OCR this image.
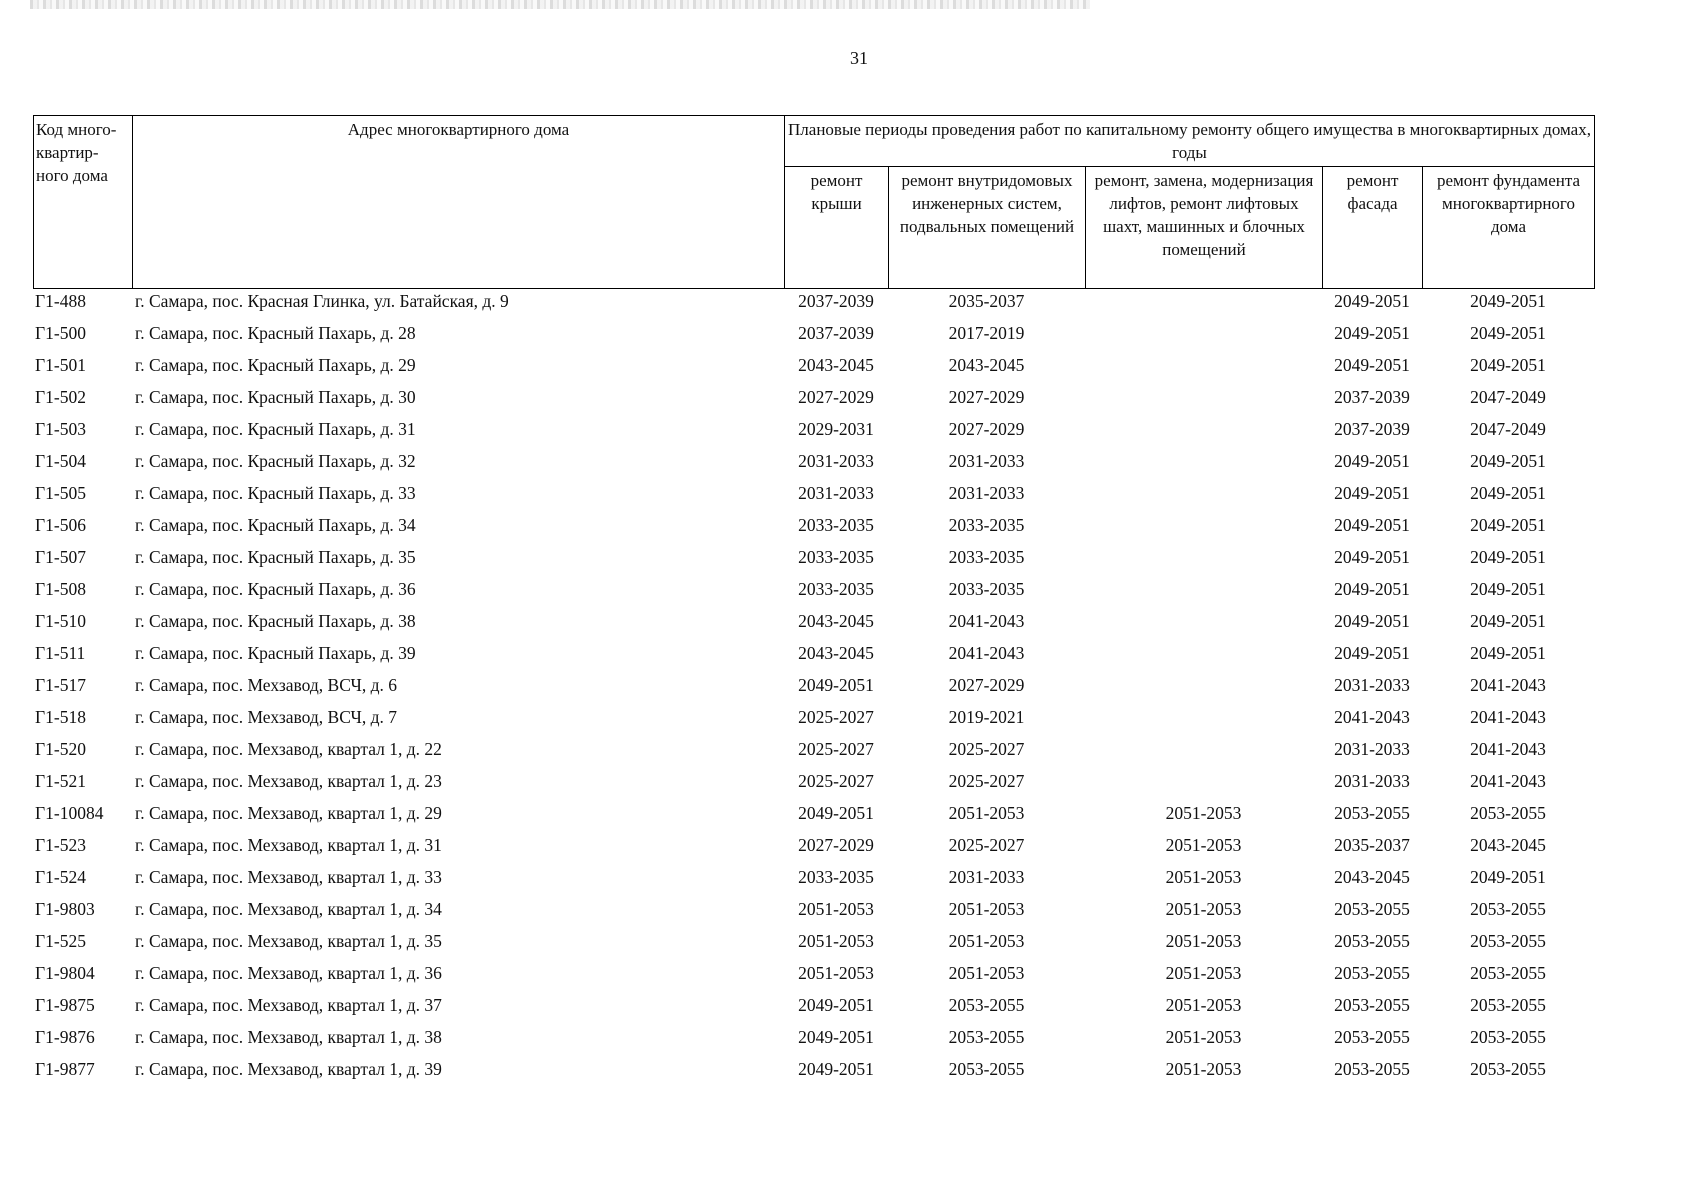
31
Код много-квартир-ного дома	Адрес многоквартирного дома	Плановые периоды проведения работ по капитальному ремонту общего имущества в многоквартирных домах, годы				
		ремонт крыши	ремонт внутридомовых инженерных систем, подвальных помещений	ремонт, замена, модернизация лифтов, ремонт лифтовых шахт, машинных и блочных помещений	ремонт фасада	ремонт фундамента многоквартирного дома
Г1-488	г. Самара, пос. Красная Глинка, ул. Батайская, д. 9	2037-2039	2035-2037		2049-2051	2049-2051
Г1-500	г. Самара, пос. Красный Пахарь, д. 28	2037-2039	2017-2019		2049-2051	2049-2051
Г1-501	г. Самара, пос. Красный Пахарь, д. 29	2043-2045	2043-2045		2049-2051	2049-2051
Г1-502	г. Самара, пос. Красный Пахарь, д. 30	2027-2029	2027-2029		2037-2039	2047-2049
Г1-503	г. Самара, пос. Красный Пахарь, д. 31	2029-2031	2027-2029		2037-2039	2047-2049
Г1-504	г. Самара, пос. Красный Пахарь, д. 32	2031-2033	2031-2033		2049-2051	2049-2051
Г1-505	г. Самара, пос. Красный Пахарь, д. 33	2031-2033	2031-2033		2049-2051	2049-2051
Г1-506	г. Самара, пос. Красный Пахарь, д. 34	2033-2035	2033-2035		2049-2051	2049-2051
Г1-507	г. Самара, пос. Красный Пахарь, д. 35	2033-2035	2033-2035		2049-2051	2049-2051
Г1-508	г. Самара, пос. Красный Пахарь, д. 36	2033-2035	2033-2035		2049-2051	2049-2051
Г1-510	г. Самара, пос. Красный Пахарь, д. 38	2043-2045	2041-2043		2049-2051	2049-2051
Г1-511	г. Самара, пос. Красный Пахарь, д. 39	2043-2045	2041-2043		2049-2051	2049-2051
Г1-517	г. Самара, пос. Мехзавод, ВСЧ, д. 6	2049-2051	2027-2029		2031-2033	2041-2043
Г1-518	г. Самара, пос. Мехзавод, ВСЧ, д. 7	2025-2027	2019-2021		2041-2043	2041-2043
Г1-520	г. Самара, пос. Мехзавод, квартал 1, д. 22	2025-2027	2025-2027		2031-2033	2041-2043
Г1-521	г. Самара, пос. Мехзавод, квартал 1, д. 23	2025-2027	2025-2027		2031-2033	2041-2043
Г1-10084	г. Самара, пос. Мехзавод, квартал 1, д. 29	2049-2051	2051-2053	2051-2053	2053-2055	2053-2055
Г1-523	г. Самара, пос. Мехзавод, квартал 1, д. 31	2027-2029	2025-2027	2051-2053	2035-2037	2043-2045
Г1-524	г. Самара, пос. Мехзавод, квартал 1, д. 33	2033-2035	2031-2033	2051-2053	2043-2045	2049-2051
Г1-9803	г. Самара, пос. Мехзавод, квартал 1, д. 34	2051-2053	2051-2053	2051-2053	2053-2055	2053-2055
Г1-525	г. Самара, пос. Мехзавод, квартал 1, д. 35	2051-2053	2051-2053	2051-2053	2053-2055	2053-2055
Г1-9804	г. Самара, пос. Мехзавод, квартал 1, д. 36	2051-2053	2051-2053	2051-2053	2053-2055	2053-2055
Г1-9875	г. Самара, пос. Мехзавод, квартал 1, д. 37	2049-2051	2053-2055	2051-2053	2053-2055	2053-2055
Г1-9876	г. Самара, пос. Мехзавод, квартал 1, д. 38	2049-2051	2053-2055	2051-2053	2053-2055	2053-2055
Г1-9877	г. Самара, пос. Мехзавод, квартал 1, д. 39	2049-2051	2053-2055	2051-2053	2053-2055	2053-2055
